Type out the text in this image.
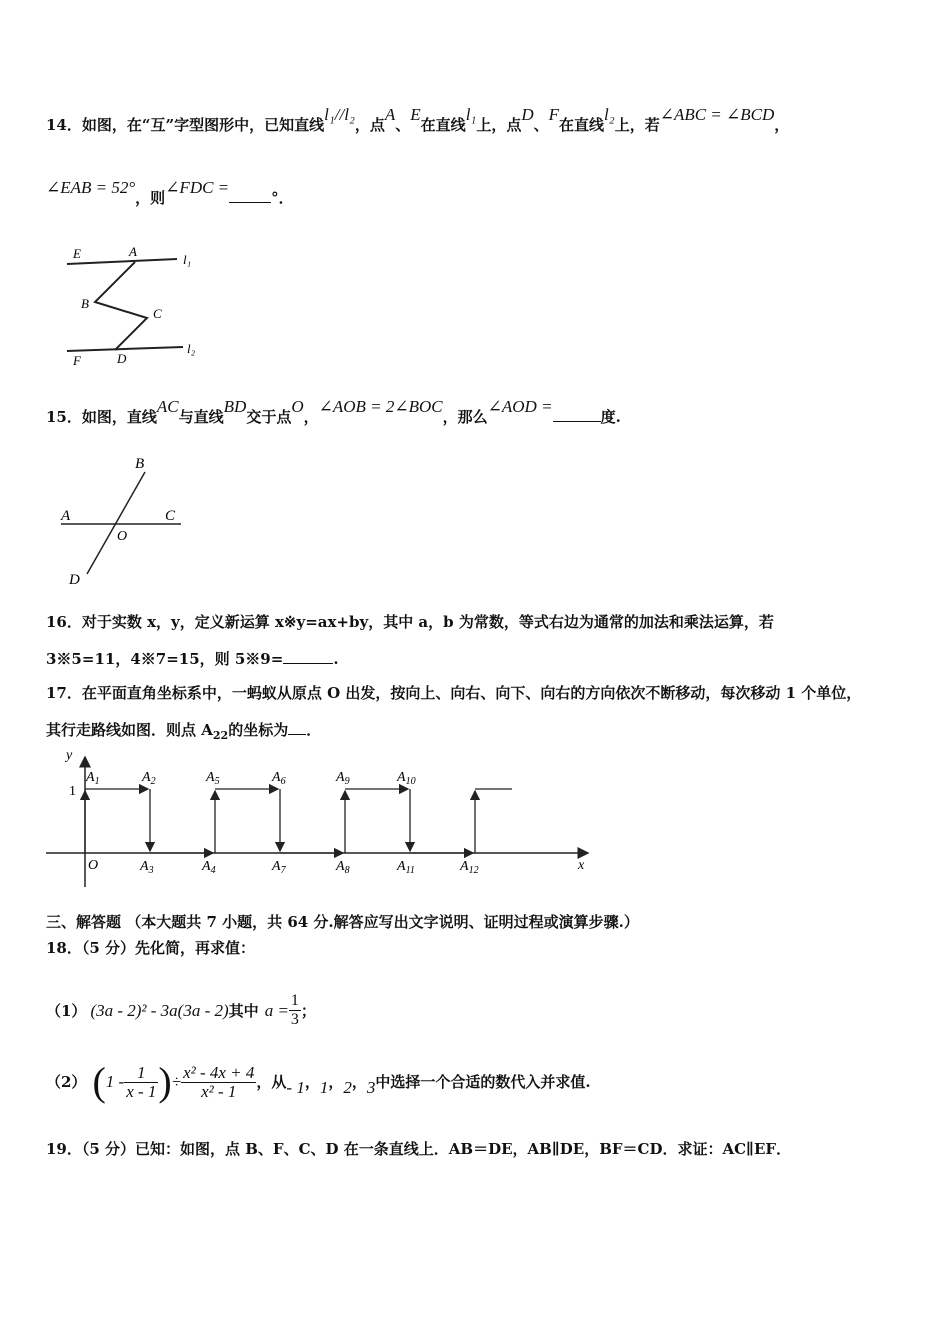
14．如图，在“互”字型图形中，已知直线l₁//l₂，点A、E在直线l₁上，点D、F在直线l₂上，若∠ABC = ∠BCD，
∠EAB = 52°，则∠FDC =°．
E	A
l₁
B
C
F	D
l₂
15．如图，直线AC与直线BD交于点O，∠AOB = 2∠BOC，那么∠AOD =度.
B
A	C
O
D
16．对于实数 x，y，定义新运算 x※y=ax+by，其中 a，b 为常数，等式右边为通常的加法和乘法运算，若
3※5=11，4※7=15，则 5※9=	.
17．在平面直角坐标系中，一蚂蚁从原点 O 出发，按向上、向右、向下、向右的方向依次不断移动，每次移动 1 个单位，
其行走路线如图．则点 $A_{22}$的坐标为 ．
y
x
1
O
$A_1$	$A_2$	$A_5$	$A_6$	$A_9$	$A_{10}$
$A_3$	$A_4$	$A_7$	$A_8$	$A_{11}$	$A_{12}$
三、解答题 （本大题共 7 小题，共 64 分.解答应写出文字说明、证明过程或演算步骤.）
18．（5 分）先化简，再求值：
（1） (3a - 2)² - 3a(3a - 2) 其中 $a = \frac{1}{3}$ ；
（2） ( $1 - \frac{1}{x - 1}$ ) ÷ $\frac{\text{x² - 4x + 4}}{\text{x² - 1}}$ ，从 - 1 ， 1 ， 2 ， 3 中选择一个合适的数代入并求值.
19．（5 分）已知：如图，点 B、F、C、D 在一条直线上．AB＝DE，AB∥DE，BF＝CD．求证：AC∥EF．
